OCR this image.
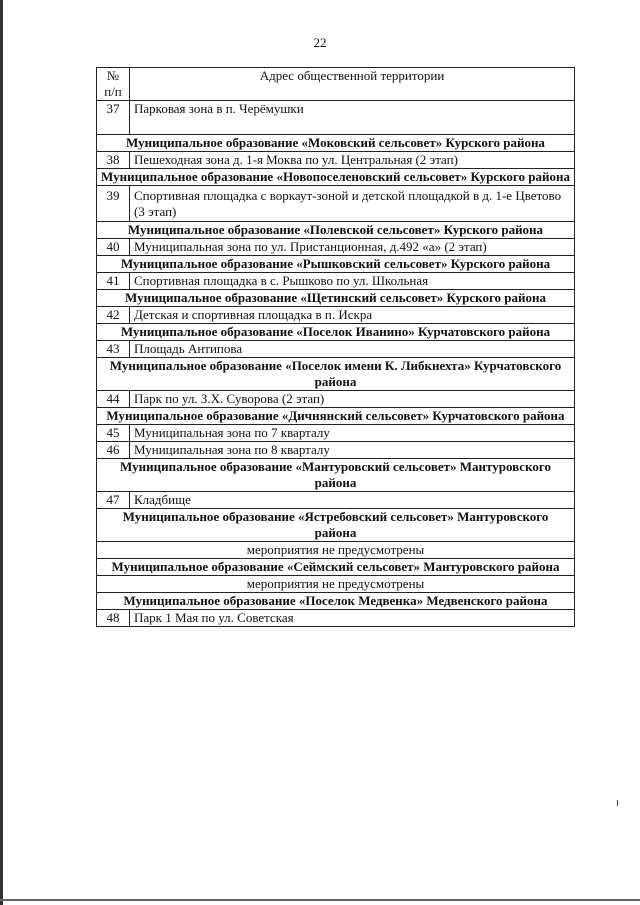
22
№
п/п	Адрес общественной территории
37	Парковая зона в п. Черёмушки
Муниципальное образование «Моковский сельсовет» Курского района	
38	Пешеходная зона д. 1-я Моква по ул. Центральная (2 этап)
Муниципальное образование «Новопоселеновский сельсовет» Курского района	
39	Спортивная площадка с воркаут-зоной и детской площадкой в д. 1-е Цветово (3 этап)
Муниципальное образование «Полевской сельсовет» Курского района	
40	Муниципальная зона по ул. Пристанционная, д.492 «а» (2 этап)
Муниципальное образование «Рышковский сельсовет» Курского района	
41	Спортивная площадка в с. Рышково по ул. Школьная
Муниципальное образование «Щетинский сельсовет» Курского района	
42	Детская и спортивная площадка в п. Искра
Муниципальное образование «Поселок Иванино» Курчатовского района	
43	Площадь Антипова
Муниципальное образование «Поселок имени К. Либкнехта» Курчатовского района	
44	Парк по ул. З.Х. Суворова (2 этап)
Муниципальное образование «Дичнянский сельсовет» Курчатовского района	
45	Муниципальная зона по 7 кварталу
46	Муниципальная зона по 8 кварталу
Муниципальное образование «Мантуровский сельсовет» Мантуровского района	
47	Кладбище
Муниципальное образование «Ястребовский сельсовет» Мантуровского района	
мероприятия не предусмотрены	
Муниципальное образование «Сеймский сельсовет» Мантуровского района	
мероприятия не предусмотрены	
Муниципальное образование «Поселок Медвенка» Медвенского района	
48	Парк 1 Мая по ул. Советская
